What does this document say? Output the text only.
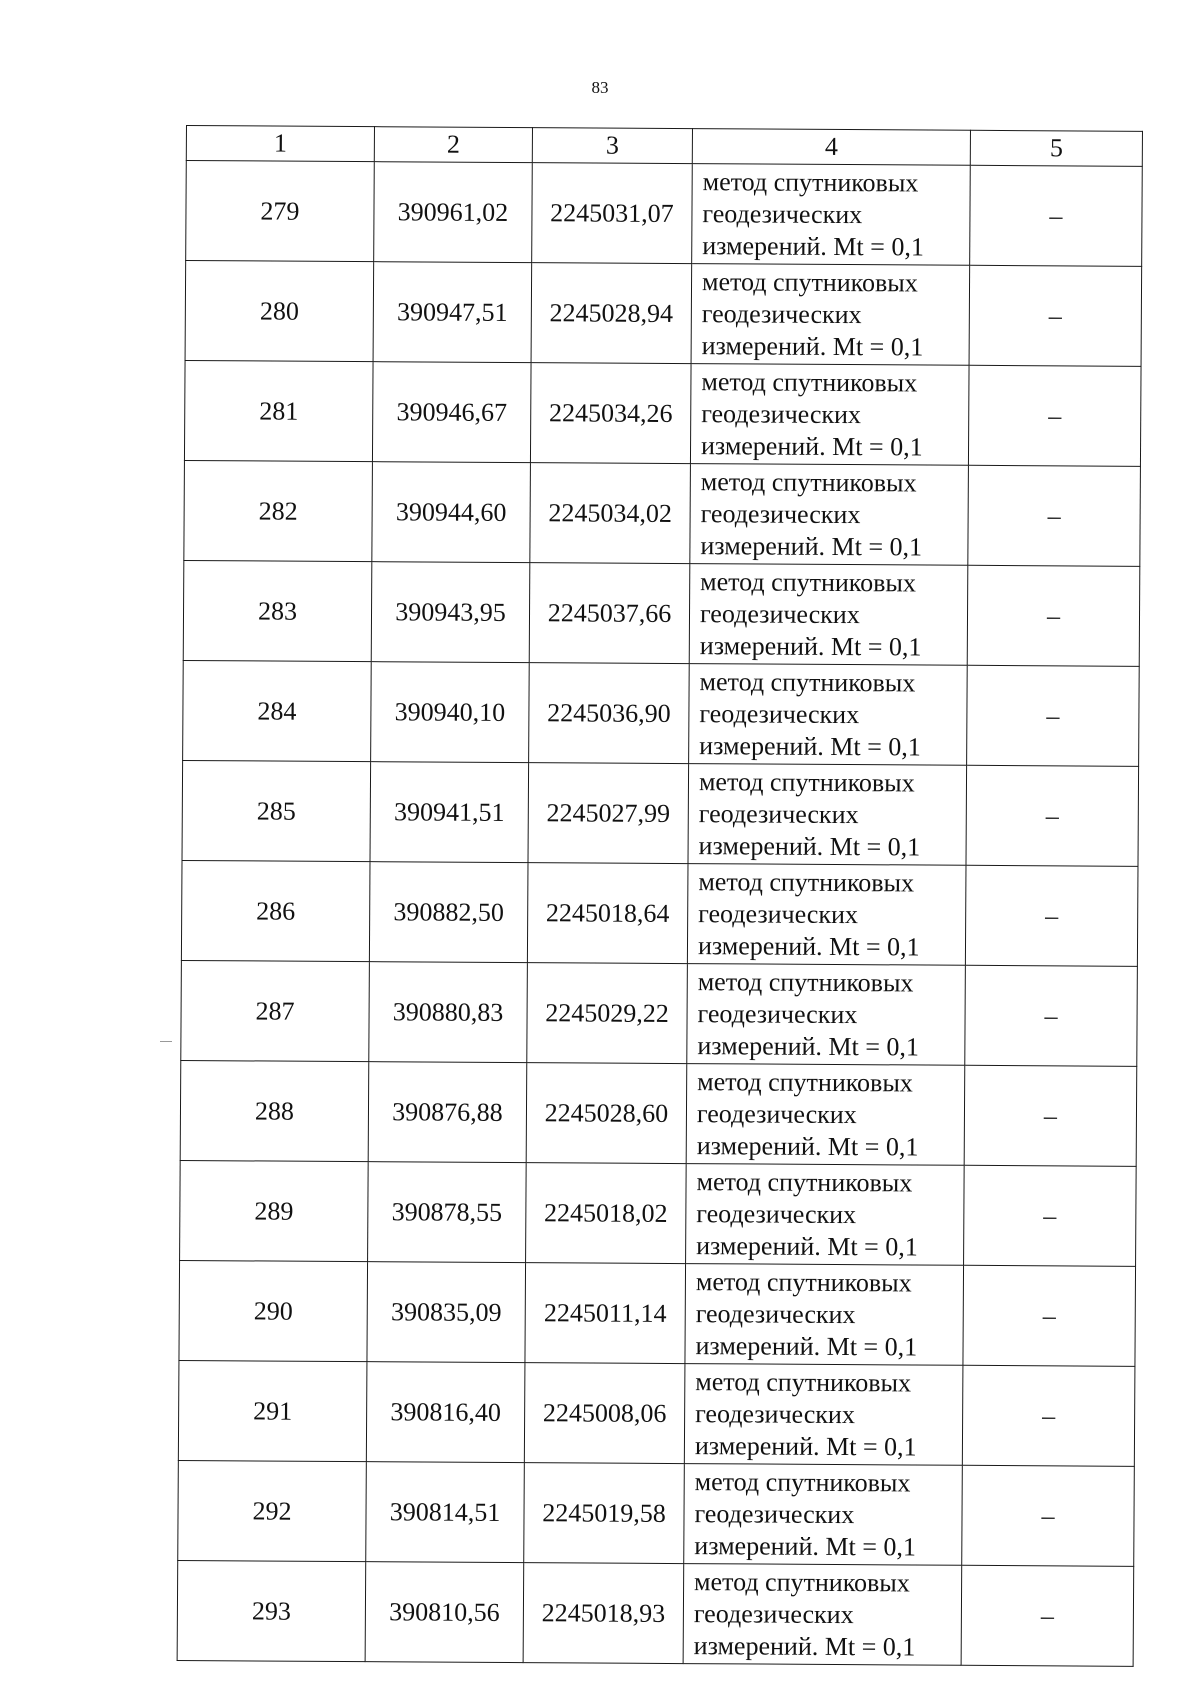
83
1	2	3	4	5
279	390961,02	2245031,07	метод спутниковых
геодезических
измерений. Mt = 0,1	–
280	390947,51	2245028,94	метод спутниковых
геодезических
измерений. Mt = 0,1	–
281	390946,67	2245034,26	метод спутниковых
геодезических
измерений. Mt = 0,1	–
282	390944,60	2245034,02	метод спутниковых
геодезических
измерений. Mt = 0,1	–
283	390943,95	2245037,66	метод спутниковых
геодезических
измерений. Mt = 0,1	–
284	390940,10	2245036,90	метод спутниковых
геодезических
измерений. Mt = 0,1	–
285	390941,51	2245027,99	метод спутниковых
геодезических
измерений. Mt = 0,1	–
286	390882,50	2245018,64	метод спутниковых
геодезических
измерений. Mt = 0,1	–
287	390880,83	2245029,22	метод спутниковых
геодезических
измерений. Mt = 0,1	–
288	390876,88	2245028,60	метод спутниковых
геодезических
измерений. Mt = 0,1	–
289	390878,55	2245018,02	метод спутниковых
геодезических
измерений. Mt = 0,1	–
290	390835,09	2245011,14	метод спутниковых
геодезических
измерений. Mt = 0,1	–
291	390816,40	2245008,06	метод спутниковых
геодезических
измерений. Mt = 0,1	–
292	390814,51	2245019,58	метод спутниковых
геодезических
измерений. Mt = 0,1	–
293	390810,56	2245018,93	метод спутниковых
геодезических
измерений. Mt = 0,1	–
